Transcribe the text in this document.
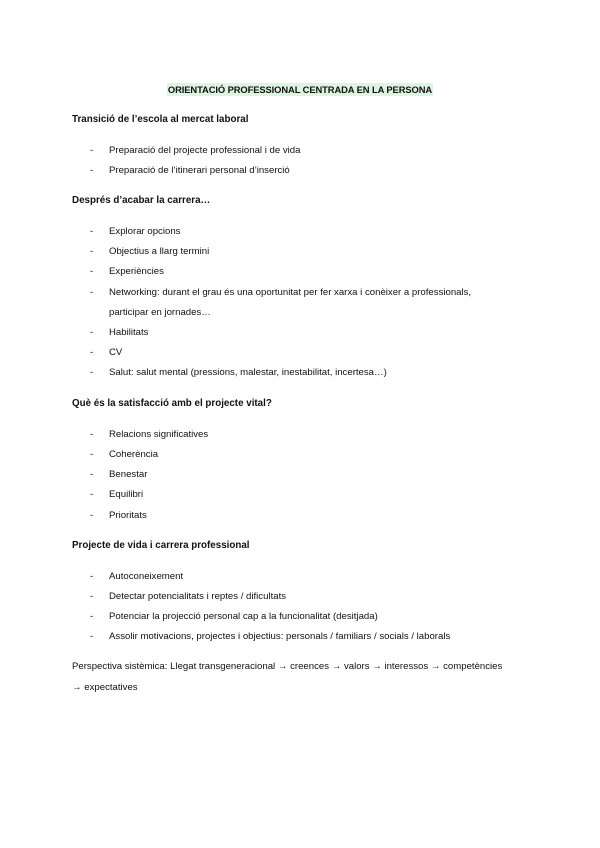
ORIENTACIÓ PROFESSIONAL CENTRADA EN LA PERSONA
Transició de l’escola al mercat laboral
- Preparació del projecte professional i de vida
- Preparació de l’itinerari personal d’inserció
Després d’acabar la carrera…
- Explorar opcions
- Objectius a llarg termini
- Experiències
- Networking: durant el grau és una oportunitat per fer xarxa i conèixer a professionals,
participar en jornades…
- Habilitats
- CV
- Salut: salut mental (pressions, malestar, inestabilitat, incertesa…)
Què és la satisfacció amb el projecte vital?
- Relacions significatives
- Coherència
- Benestar
- Equilibri
- Prioritats
Projecte de vida i carrera professional
- Autoconeixement
- Detectar potencialitats i reptes / dificultats
- Potenciar la projecció personal cap a la funcionalitat (desitjada)
- Assolir motivacions, projectes i objectius: personals / familiars / socials / laborals
Perspectiva sistèmica: Llegat transgeneracional → creences → valors → interessos → competències
→ expectatives
